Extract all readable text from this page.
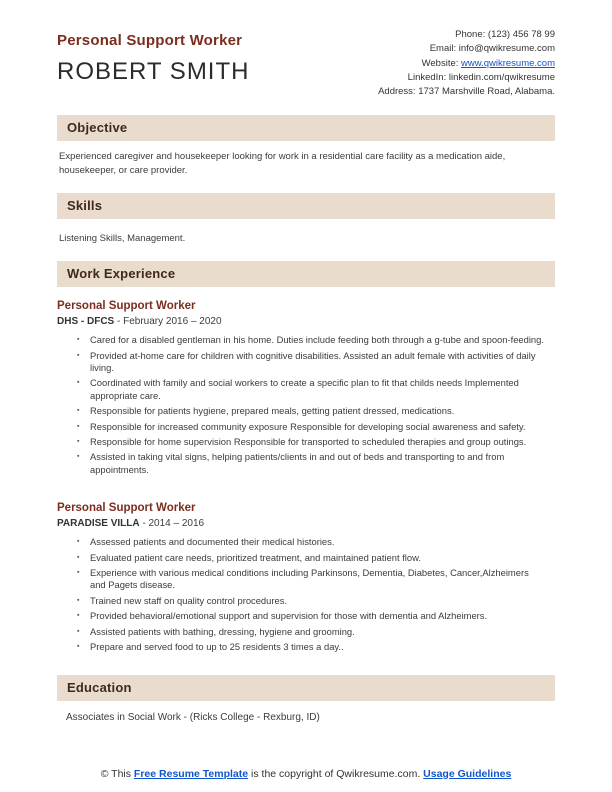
Personal Support Worker
ROBERT SMITH
Phone: (123) 456 78 99
Email: info@qwikresume.com
Website: www.qwikresume.com
LinkedIn: linkedin.com/qwikresume
Address: 1737 Marshville Road, Alabama.
Objective

Experienced caregiver and housekeeper looking for work in a residential care facility as a medication aide, housekeeper, or care provider.

Skills

Listening Skills, Management.

Work Experience
Personal Support Worker
DHS - DFCS - February 2016 – 2020
▪ Cared for a disabled gentleman in his home. Duties include feeding both through a g-tube and spoon-feeding.
▪ Provided at-home care for children with cognitive disabilities. Assisted an adult female with activities of daily living.
▪ Coordinated with family and social workers to create a specific plan to fit that childs needs Implemented appropriate care.
▪ Responsible for patients hygiene, prepared meals, getting patient dressed, medications.
▪ Responsible for increased community exposure Responsible for developing social awareness and safety.
▪ Responsible for home supervision Responsible for transported to scheduled therapies and group outings.
▪ Assisted in taking vital signs, helping patients/clients in and out of beds and transporting to and from appointments.
Personal Support Worker
PARADISE VILLA - 2014 – 2016
▪ Assessed patients and documented their medical histories.
▪ Evaluated patient care needs, prioritized treatment, and maintained patient flow.
▪ Experience with various medical conditions including Parkinsons, Dementia, Diabetes, Cancer,Alzheimers and Pagets disease.
▪ Trained new staff on quality control procedures.
▪ Provided behavioral/emotional support and supervision for those with dementia and Alzheimers.
▪ Assisted patients with bathing, dressing, hygiene and grooming.
▪ Prepare and served food to up to 25 residents 3 times a day..
Education

Associates in Social Work - (Ricks College - Rexburg, ID)

© This Free Resume Template is the copyright of Qwikresume.com. Usage Guidelines
